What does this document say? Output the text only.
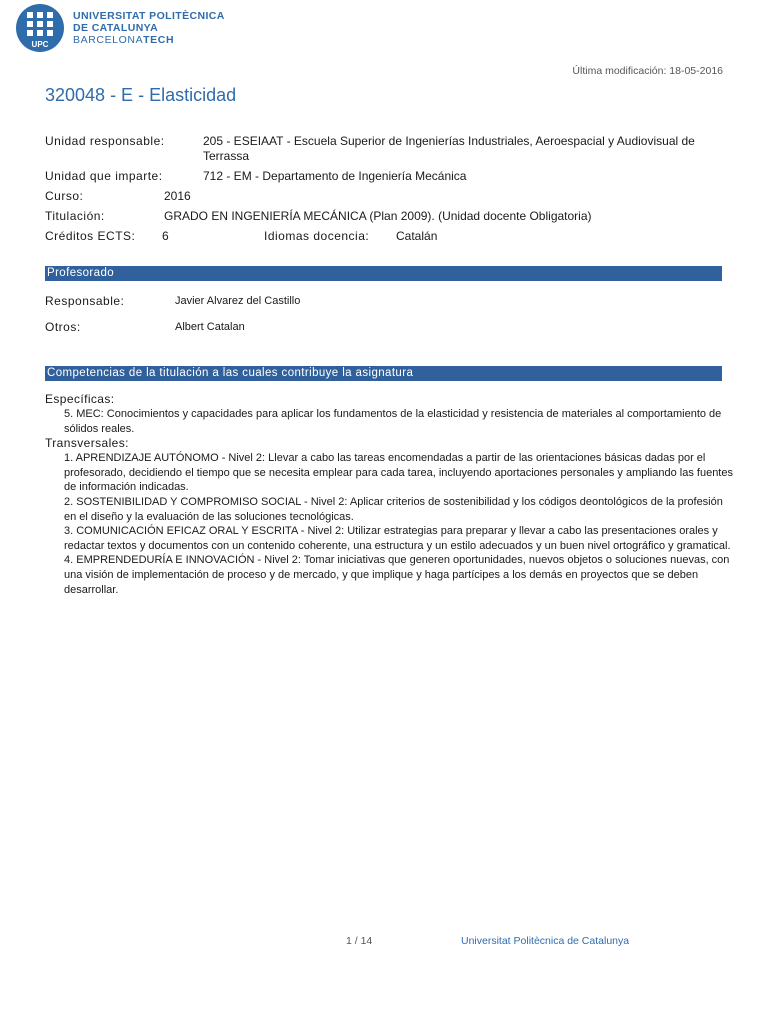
UPC
UNIVERSITAT POLITÈCNICA
DE CATALUNYA
BARCELONATECH
Última modificación: 18-05-2016
320048 - E - Elasticidad
Unidad responsable:	205 - ESEIAAT - Escuela Superior de Ingenierías Industriales, Aeroespacial y Audiovisual de Terrassa
Unidad que imparte:	712 - EM - Departamento de Ingeniería Mecánica
Curso:	2016
Titulación:	GRADO EN INGENIERÍA MECÁNICA (Plan 2009). (Unidad docente Obligatoria)
Créditos ECTS: 6	Idiomas docencia: Catalán
Profesorado
Responsable:	Javier Alvarez del Castillo
Otros:	Albert Catalan
Competencias de la titulación a las cuales contribuye la asignatura
Específicas:
5. MEC: Conocimientos y capacidades para aplicar los fundamentos de la elasticidad y resistencia de materiales al comportamiento de sólidos reales.
Transversales:
1. APRENDIZAJE AUTÓNOMO - Nivel 2: Llevar a cabo las tareas encomendadas a partir de las orientaciones básicas dadas por el profesorado, decidiendo el tiempo que se necesita emplear para cada tarea, incluyendo aportaciones personales y ampliando las fuentes de información indicadas.
2. SOSTENIBILIDAD Y COMPROMISO SOCIAL - Nivel 2: Aplicar criterios de sostenibilidad y los códigos deontológicos de la profesión en el diseño y la evaluación de las soluciones tecnológicas.
3. COMUNICACIÓN EFICAZ ORAL Y ESCRITA - Nivel 2: Utilizar estrategias para preparar y llevar a cabo las presentaciones orales y redactar textos y documentos con un contenido coherente, una estructura y un estilo adecuados y un buen nivel ortográfico y gramatical.
4. EMPRENDEDURÍA E INNOVACIÓN - Nivel 2: Tomar iniciativas que generen oportunidades, nuevos objetos o soluciones nuevas, con una visión de implementación de proceso y de mercado, y que implique y haga partícipes a los demás en proyectos que se deben desarrollar.
1 / 14	Universitat Politècnica de Catalunya
